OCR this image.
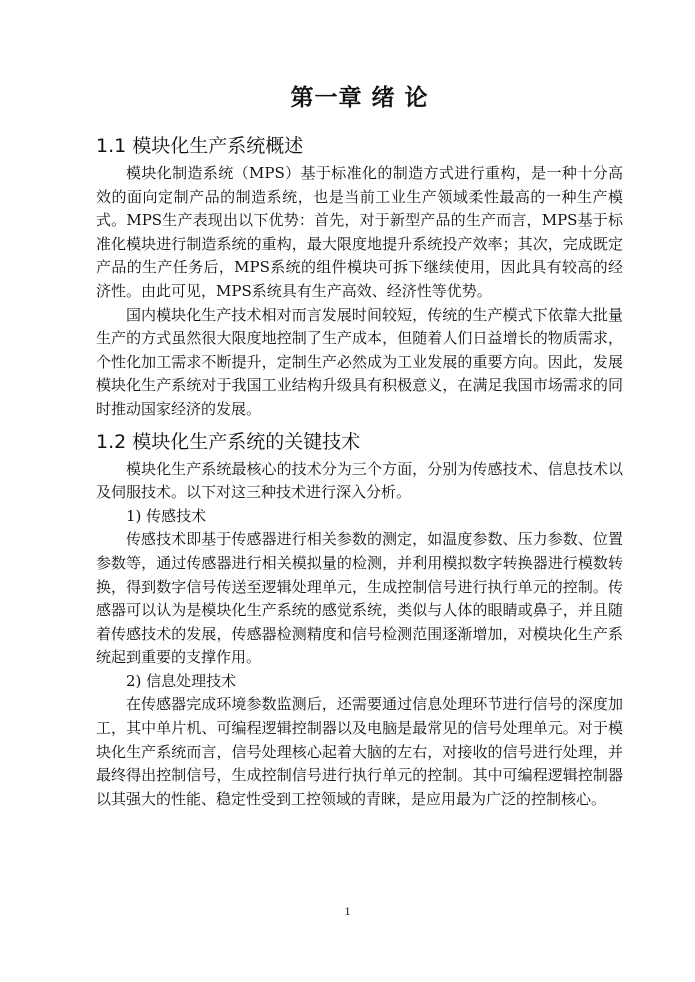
第一章 绪 论
1.1 模块化生产系统概述

模块化制造系统（MPS）基于标准化的制造方式进行重构，是一种十分高效的面向定制产品的制造系统，也是当前工业生产领域柔性最高的一种生产模式。MPS生产表现出以下优势：首先，对于新型产品的生产而言，MPS基于标准化模块进行制造系统的重构，最大限度地提升系统投产效率；其次，完成既定产品的生产任务后，MPS系统的组件模块可拆下继续使用，因此具有较高的经济性。由此可见，MPS系统具有生产高效、经济性等优势。

国内模块化生产技术相对而言发展时间较短，传统的生产模式下依靠大批量生产的方式虽然很大限度地控制了生产成本，但随着人们日益增长的物质需求，个性化加工需求不断提升，定制生产必然成为工业发展的重要方向。因此，发展模块化生产系统对于我国工业结构升级具有积极意义，在满足我国市场需求的同时推动国家经济的发展。

1.2 模块化生产系统的关键技术

模块化生产系统最核心的技术分为三个方面，分别为传感技术、信息技术以及伺服技术。以下对这三种技术进行深入分析。

1) 传感技术

传感技术即基于传感器进行相关参数的测定，如温度参数、压力参数、位置参数等，通过传感器进行相关模拟量的检测，并利用模拟数字转换器进行模数转换，得到数字信号传送至逻辑处理单元，生成控制信号进行执行单元的控制。传感器可以认为是模块化生产系统的感觉系统，类似与人体的眼睛或鼻子，并且随着传感技术的发展，传感器检测精度和信号检测范围逐渐增加，对模块化生产系统起到重要的支撑作用。

2) 信息处理技术

在传感器完成环境参数监测后，还需要通过信息处理环节进行信号的深度加工，其中单片机、可编程逻辑控制器以及电脑是最常见的信号处理单元。对于模块化生产系统而言，信号处理核心起着大脑的左右，对接收的信号进行处理，并最终得出控制信号，生成控制信号进行执行单元的控制。其中可编程逻辑控制器以其强大的性能、稳定性受到工控领域的青睐，是应用最为广泛的控制核心。

1
